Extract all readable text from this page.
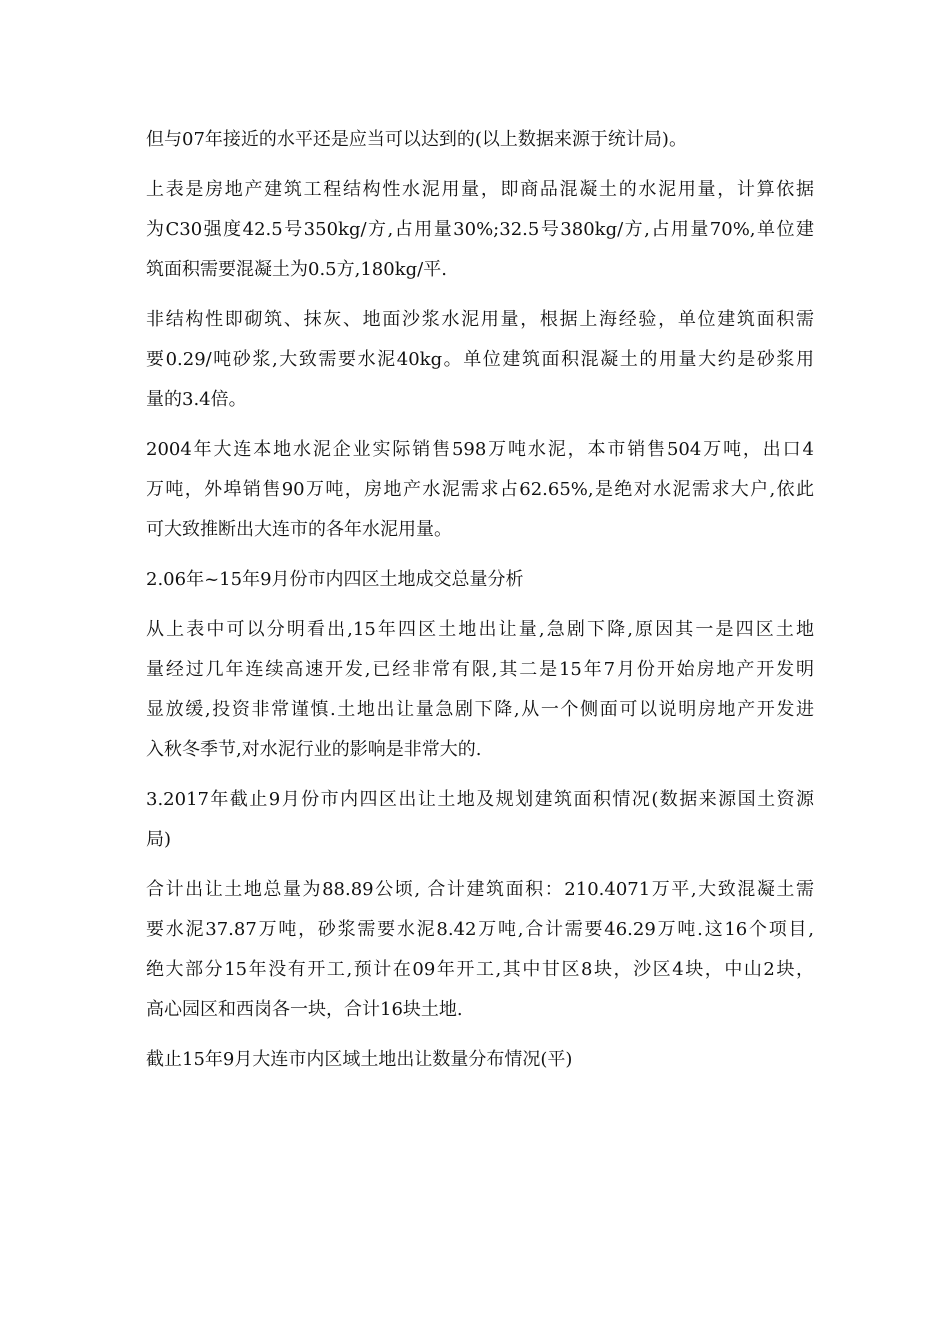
但与07年接近的水平还是应当可以达到的(以上数据来源于统计局)。
上表是房地产建筑工程结构性水泥用量，即商品混凝土的水泥用量，计算依据
为C30强度42.5号350kg/方,占用量30%;32.5号380kg/方,占用量70%,单位建
筑面积需要混凝土为0.5方,180kg/平.
非结构性即砌筑、抹灰、地面沙浆水泥用量，根据上海经验，单位建筑面积需
要0.29/吨砂浆,大致需要水泥40kg。单位建筑面积混凝土的用量大约是砂浆用
量的3.4倍。
2004年大连本地水泥企业实际销售598万吨水泥，本市销售504万吨，出口4
万吨，外埠销售90万吨，房地产水泥需求占62.65%,是绝对水泥需求大户,依此
可大致推断出大连市的各年水泥用量。
2.06年~15年9月份市内四区土地成交总量分析
从上表中可以分明看出,15年四区土地出让量,急剧下降,原因其一是四区土地
量经过几年连续高速开发,已经非常有限,其二是15年7月份开始房地产开发明
显放缓,投资非常谨慎.土地出让量急剧下降,从一个侧面可以说明房地产开发进
入秋冬季节,对水泥行业的影响是非常大的.
3.2017年截止9月份市内四区出让土地及规划建筑面积情况(数据来源国土资源
局)
合计出让土地总量为88.89公顷, 合计建筑面积：210.4071万平,大致混凝土需
要水泥37.87万吨，砂浆需要水泥8.42万吨,合计需要46.29万吨.这16个项目,
绝大部分15年没有开工,预计在09年开工,其中甘区8块，沙区4块，中山2块，
高心园区和西岗各一块，合计16块土地.
截止15年9月大连市内区域土地出让数量分布情况(平)
